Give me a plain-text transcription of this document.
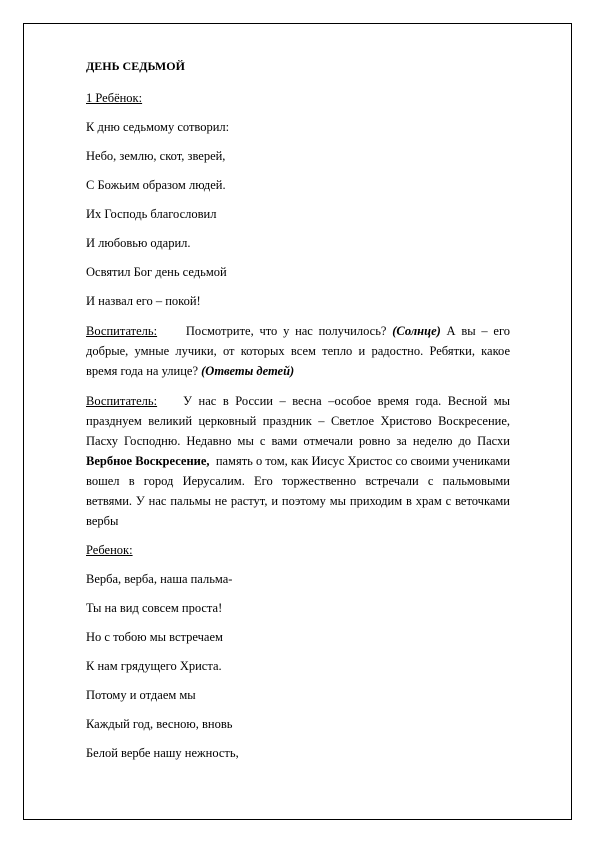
ДЕНЬ СЕДЬМОЙ
1 Ребёнок:
К дню седьмому сотворил:
Небо, землю, скот, зверей,
С Божьим образом людей.
Их Господь благословил
И любовью одарил.
Освятил Бог день седьмой
И назвал его – покой!

Воспитатель: Посмотрите, что у нас получилось? (Солнце) А вы – его добрые, умные лучики, от которых всем тепло и радостно. Ребятки, какое время года на улице? (Ответы детей)

Воспитатель: У нас в России – весна –особое время года. Весной мы празднуем великий церковный праздник – Светлое Христово Воскресение, Пасху Господню. Недавно мы с вами отмечали ровно за неделю до Пасхи Вербное Воскресение, память о том, как Иисус Христос со своими учениками вошел в город Иерусалим. Его торжественно встречали с пальмовыми ветвями. У нас пальмы не растут, и поэтому мы приходим в храм с веточками вербы

Ребенок:
Верба, верба, наша пальма-
Ты на вид совсем проста!
Но с тобою мы встречаем
К нам грядущего Христа.
Потому и отдаем мы
Каждый год, весною, вновь
Белой вербе нашу нежность,
